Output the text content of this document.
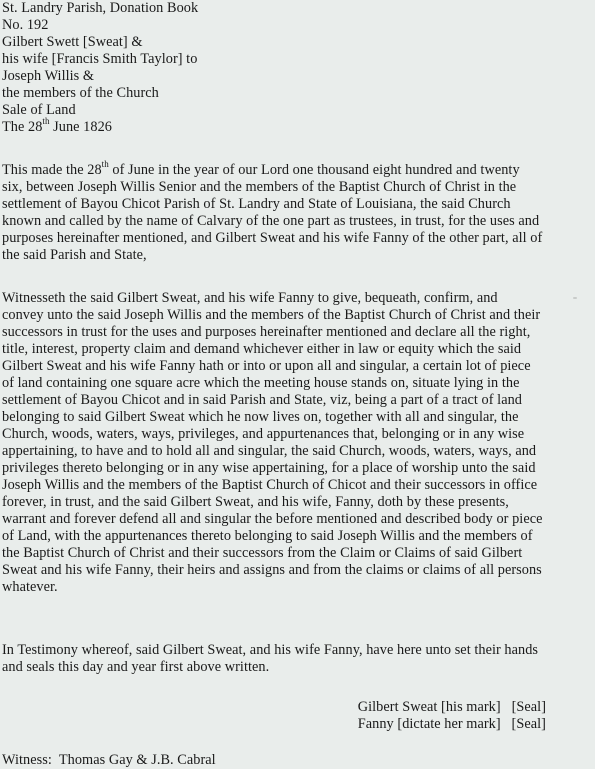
St. Landry Parish, Donation Book
No. 192
Gilbert Swett [Sweat] &
his wife [Francis Smith Taylor] to
Joseph Willis &
the members of the Church
Sale of Land
The 28th June 1826
This made the 28th of June in the year of our Lord one thousand eight hundred and twenty
six, between Joseph Willis Senior and the members of the Baptist Church of Christ in the
settlement of Bayou Chicot Parish of St. Landry and State of Louisiana, the said Church
known and called by the name of Calvary of the one part as trustees, in trust, for the uses and
purposes hereinafter mentioned, and Gilbert Sweat and his wife Fanny of the other part, all of
the said Parish and State,
Witnesseth the said Gilbert Sweat, and his wife Fanny to give, bequeath, confirm, and
convey unto the said Joseph Willis and the members of the Baptist Church of Christ and their
successors in trust for the uses and purposes hereinafter mentioned and declare all the right,
title, interest, property claim and demand whichever either in law or equity which the said
Gilbert Sweat and his wife Fanny hath or into or upon all and singular, a certain lot of piece
of land containing one square acre which the meeting house stands on, situate lying in the
settlement of Bayou Chicot and in said Parish and State, viz, being a part of a tract of land
belonging to said Gilbert Sweat which he now lives on, together with all and singular, the
Church, woods, waters, ways, privileges, and appurtenances that, belonging or in any wise
appertaining, to have and to hold all and singular, the said Church, woods, waters, ways, and
privileges thereto belonging or in any wise appertaining, for a place of worship unto the said
Joseph Willis and the members of the Baptist Church of Chicot and their successors in office
forever, in trust, and the said Gilbert Sweat, and his wife, Fanny, doth by these presents,
warrant and forever defend all and singular the before mentioned and described body or piece
of Land, with the appurtenances thereto belonging to said Joseph Willis and the members of
the Baptist Church of Christ and their successors from the Claim or Claims of said Gilbert
Sweat and his wife Fanny, their heirs and assigns and from the claims or claims of all persons
whatever.
In Testimony whereof, said Gilbert Sweat, and his wife Fanny, have here unto set their hands
and seals this day and year first above written.
Gilbert Sweat [his mark]   [Seal]
Fanny [dictate her mark]   [Seal]
Witness:  Thomas Gay & J.B. Cabral
